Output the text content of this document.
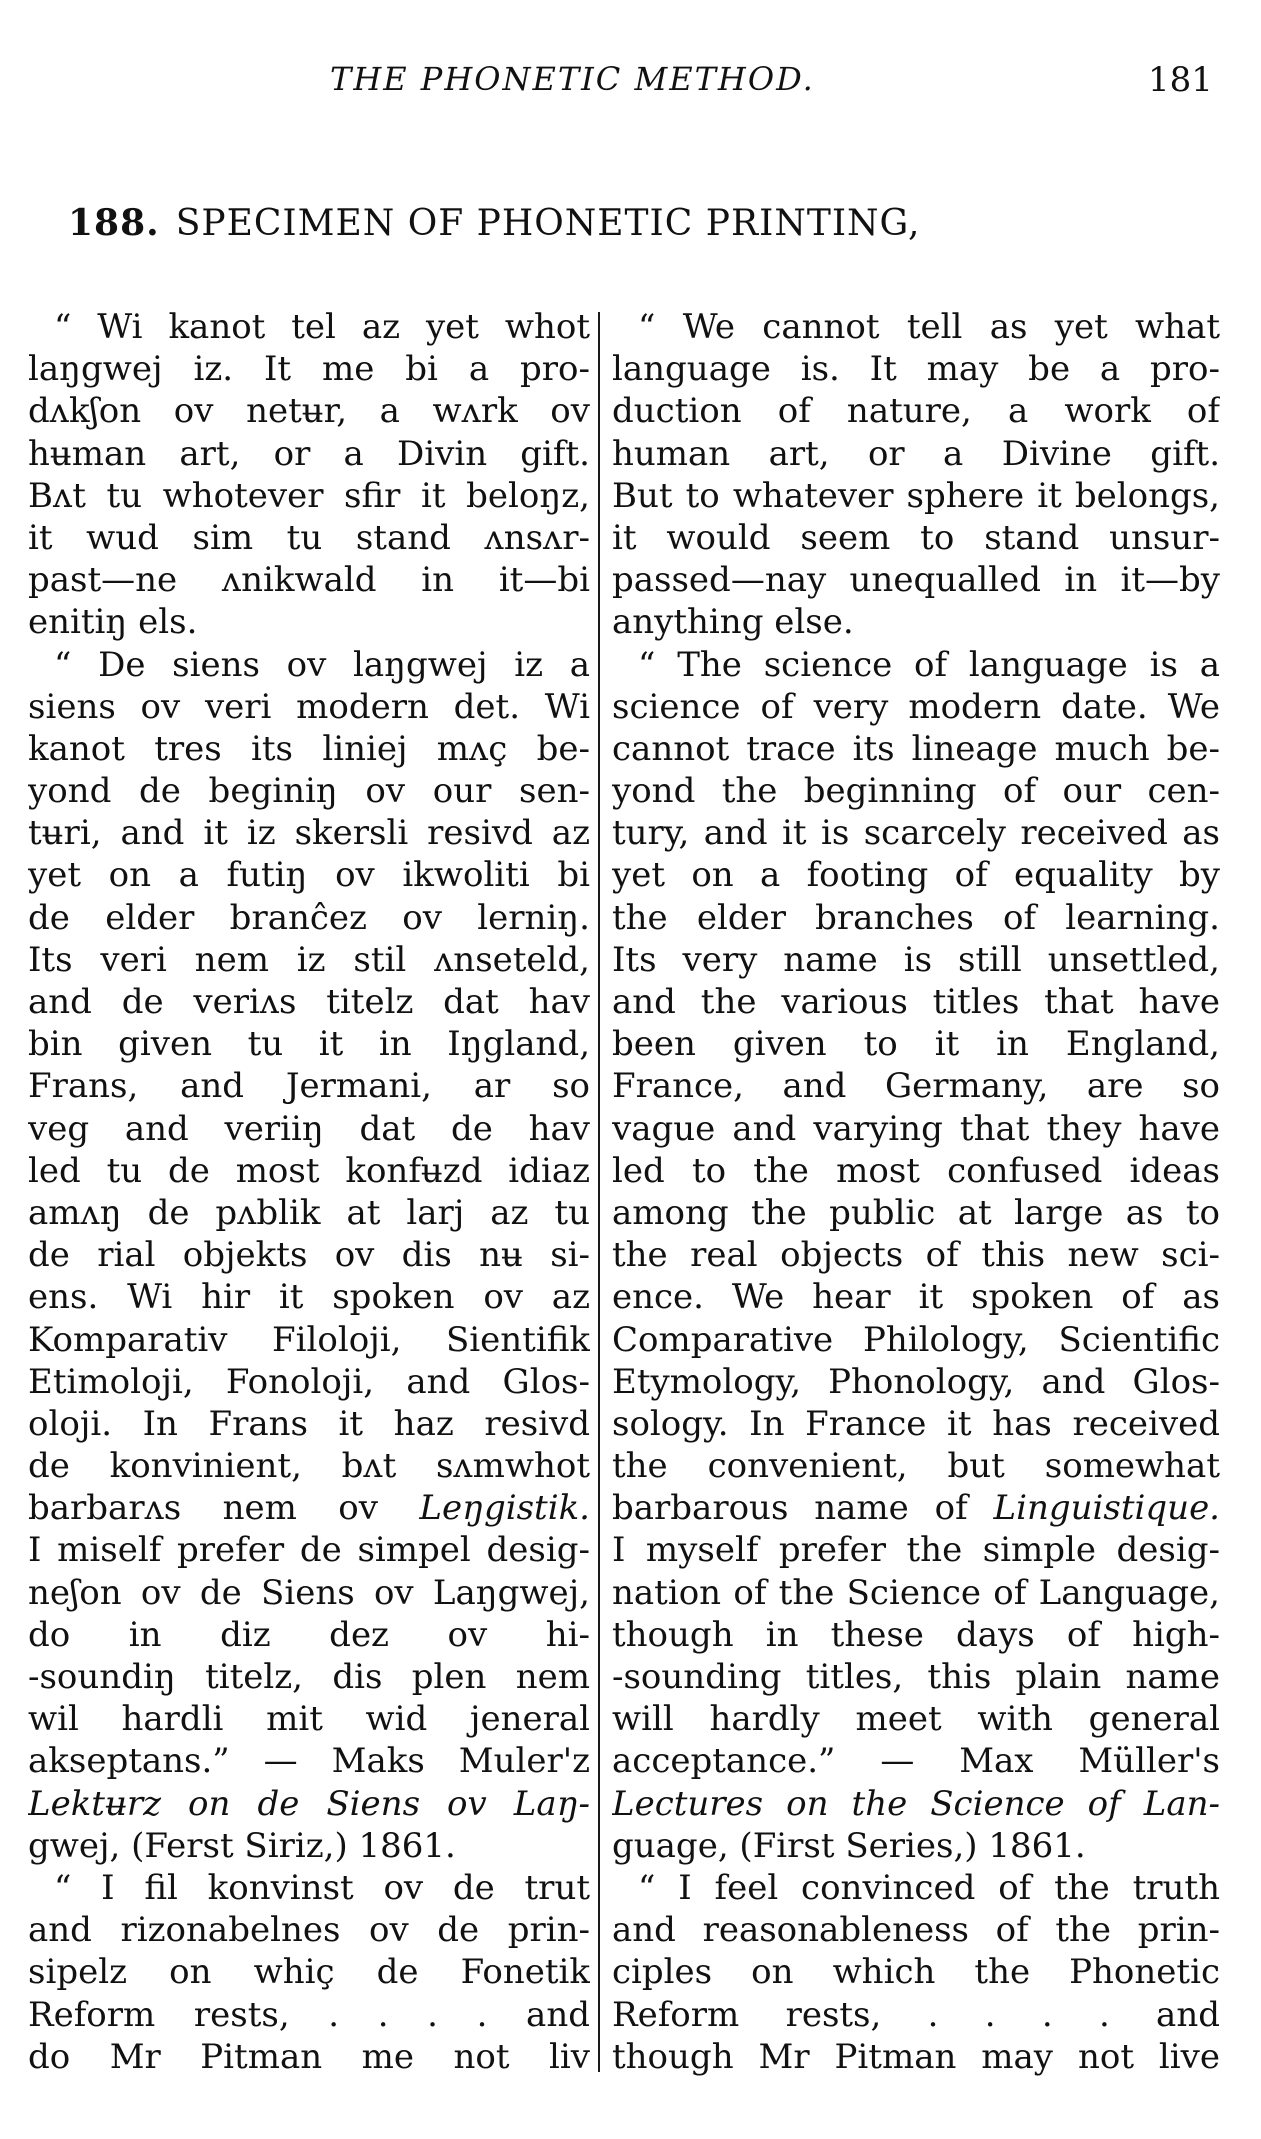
THE PHONETIC METHOD.	181
188. SPECIMEN OF PHONETIC PRINTING,
“ Wi kanot tel az yet whot
laŋgwej iz. It me bi a pro-
dʌkʃon ov netʉr, a wʌrk ov
hʉman art, or a Divin gift.
Bʌt tu whotever sfir it beloŋz,
it wud sim tu stand ʌnsʌr-
past—ne ʌnikwald in it—bi
enitiŋ els.
“ De siens ov laŋgwej iz a
siens ov veri modern det. Wi
kanot tres its liniej mʌç be-
yond de beginiŋ ov our sen-
tʉri, and it iz skersli resivd az
yet on a futiŋ ov ikwoliti bi
de elder branĉez ov lerniŋ.
Its veri nem iz stil ʌnseteld,
and de veriʌs titelz dat hav
bin given tu it in Iŋgland,
Frans, and Jermani, ar so
veg and veriiŋ dat de hav
led tu de most konfʉzd idiaz
amʌŋ de pʌblik at larj az tu
de rial objekts ov dis nʉ si-
ens. Wi hir it spoken ov az
Komparativ Filoloji, Sientifik
Etimoloji, Fonoloji, and Glos-
oloji. In Frans it haz resivd
de konvinient, bʌt sʌmwhot
barbarʌs nem ov Leŋgistik.
I miself prefer de simpel desig-
neʃon ov de Siens ov Laŋgwej,
do in diz dez ov hi-
-soundiŋ titelz, dis plen nem
wil hardli mit wid jeneral
akseptans.” — Maks Muler'z
Lektʉrz on de Siens ov Laŋ-
gwej, (Ferst Siriz,) 1861.
“ I fil konvinst ov de trut
and rizonabelnes ov de prin-
sipelz on whiç de Fonetik
Reform rests, . . . . and
do Mr Pitman me not liv
“ We cannot tell as yet what
language is. It may be a pro-
duction of nature, a work of
human art, or a Divine gift.
But to whatever sphere it belongs,
it would seem to stand unsur-
passed—nay unequalled in it—by
anything else.
“ The science of language is a
science of very modern date. We
cannot trace its lineage much be-
yond the beginning of our cen-
tury, and it is scarcely received as
yet on a footing of equality by
the elder branches of learning.
Its very name is still unsettled,
and the various titles that have
been given to it in England,
France, and Germany, are so
vague and varying that they have
led to the most confused ideas
among the public at large as to
the real objects of this new sci-
ence. We hear it spoken of as
Comparative Philology, Scientific
Etymology, Phonology, and Glos-
sology. In France it has received
the convenient, but somewhat
barbarous name of Linguistique.
I myself prefer the simple desig-
nation of the Science of Language,
though in these days of high-
-sounding titles, this plain name
will hardly meet with general
acceptance.” — Max Müller's
Lectures on the Science of Lan-
guage, (First Series,) 1861.
“ I feel convinced of the truth
and reasonableness of the prin-
ciples on which the Phonetic
Reform rests, . . . . and
though Mr Pitman may not live
